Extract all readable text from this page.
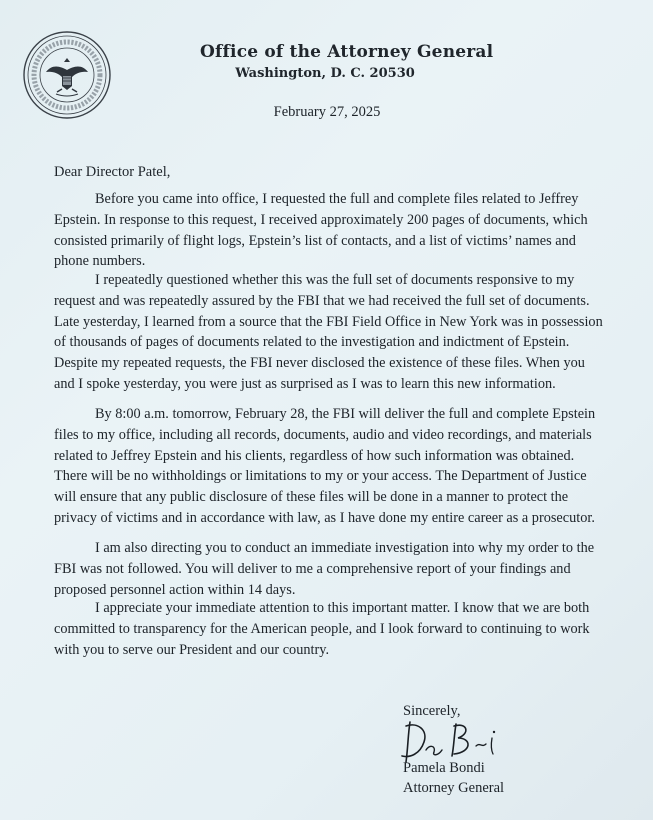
Office of the Attorney General
Washington, D. C. 20530
February 27, 2025
Dear Director Patel,
Before you came into office, I requested the full and complete files related to Jeffrey
Epstein. In response to this request, I received approximately 200 pages of documents, which
consisted primarily of flight logs, Epstein’s list of contacts, and a list of victims’ names and
phone numbers.
I repeatedly questioned whether this was the full set of documents responsive to my
request and was repeatedly assured by the FBI that we had received the full set of documents.
Late yesterday, I learned from a source that the FBI Field Office in New York was in possession
of thousands of pages of documents related to the investigation and indictment of Epstein.
Despite my repeated requests, the FBI never disclosed the existence of these files. When you
and I spoke yesterday, you were just as surprised as I was to learn this new information.
By 8:00 a.m. tomorrow, February 28, the FBI will deliver the full and complete Epstein
files to my office, including all records, documents, audio and video recordings, and materials
related to Jeffrey Epstein and his clients, regardless of how such information was obtained.
There will be no withholdings or limitations to my or your access. The Department of Justice
will ensure that any public disclosure of these files will be done in a manner to protect the
privacy of victims and in accordance with law, as I have done my entire career as a prosecutor.
I am also directing you to conduct an immediate investigation into why my order to the
FBI was not followed. You will deliver to me a comprehensive report of your findings and
proposed personnel action within 14 days.
I appreciate your immediate attention to this important matter. I know that we are both
committed to transparency for the American people, and I look forward to continuing to work
with you to serve our President and our country.
Sincerely,
Pamela Bondi
Attorney General
